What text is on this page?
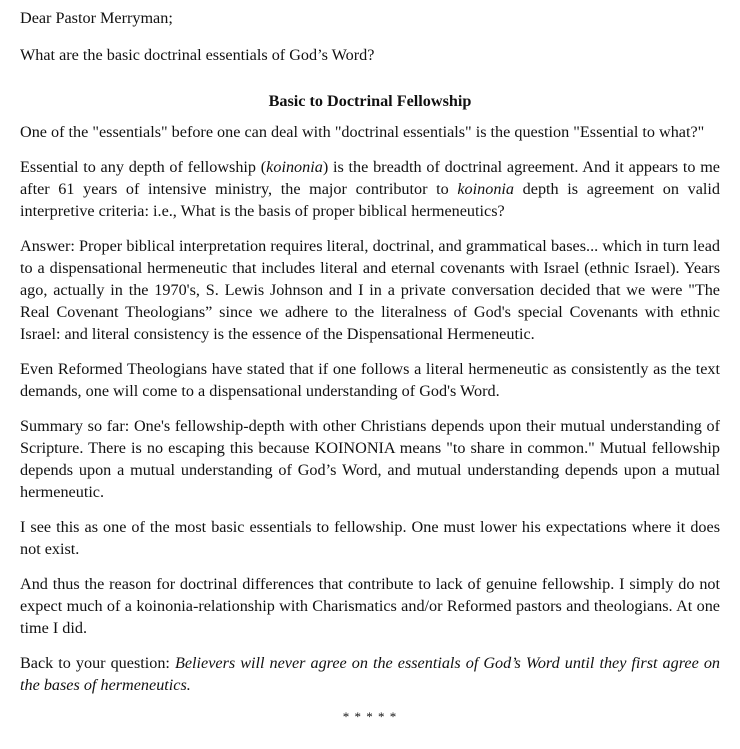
Dear Pastor Merryman;

What are the basic doctrinal essentials of God’s Word?

Basic to Doctrinal Fellowship

One of the "essentials" before one can deal with "doctrinal essentials" is the question "Essential to what?"

Essential to any depth of fellowship (koinonia) is the breadth of doctrinal agreement. And it appears to me after 61 years of intensive ministry, the major contributor to koinonia depth is agreement on valid interpretive criteria: i.e., What is the basis of proper biblical hermeneutics?

Answer: Proper biblical interpretation requires literal, doctrinal, and grammatical bases... which in turn lead to a dispensational hermeneutic that includes literal and eternal covenants with Israel (ethnic Israel). Years ago, actually in the 1970's, S. Lewis Johnson and I in a private conversation decided that we were "The Real Covenant Theologians” since we adhere to the literalness of God's special Covenants with ethnic Israel: and literal consistency is the essence of the Dispensational Hermeneutic.

Even Reformed Theologians have stated that if one follows a literal hermeneutic as consistently as the text demands, one will come to a dispensational understanding of God's Word.

Summary so far: One's fellowship-depth with other Christians depends upon their mutual understanding of Scripture. There is no escaping this because KOINONIA means "to share in common." Mutual fellowship depends upon a mutual understanding of God’s Word, and mutual understanding depends upon a mutual hermeneutic.

I see this as one of the most basic essentials to fellowship. One must lower his expectations where it does not exist.

And thus the reason for doctrinal differences that contribute to lack of genuine fellowship. I simply do not expect much of a koinonia-relationship with Charismatics and/or Reformed pastors and theologians. At one time I did.

Back to your question: Believers will never agree on the essentials of God’s Word until they first agree on the bases of hermeneutics.

* * * * *
